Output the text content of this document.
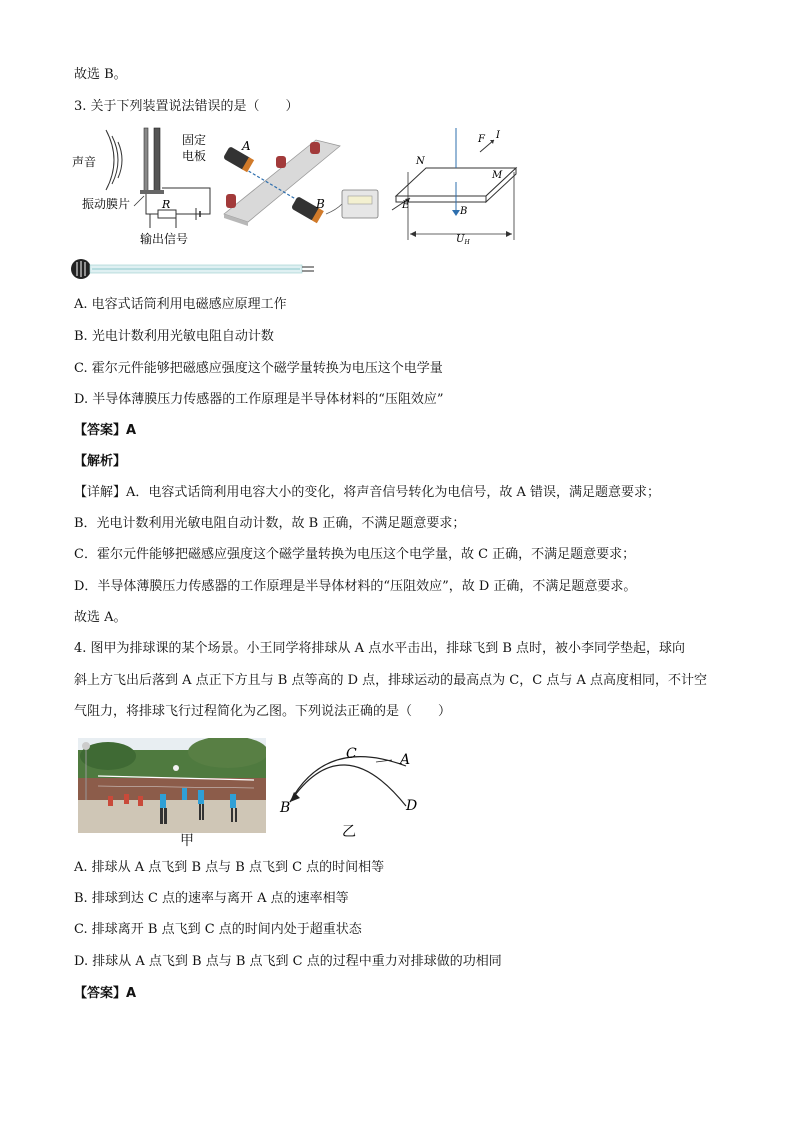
故选 B。
3. 关于下列装置说法错误的是（　　）
声音
固定
电板
振动膜片	R
输出信号
A
B
N
M
F I
E
B
$U_H$
A. 电容式话筒利用电磁感应原理工作
B. 光电计数利用光敏电阻自动计数
C. 霍尔元件能够把磁感应强度这个磁学量转换为电压这个电学量
D. 半导体薄膜压力传感器的工作原理是半导体材料的“压阻效应”
【答案】A
【解析】
【详解】A．电容式话筒利用电容大小的变化，将声音信号转化为电信号，故 A 错误，满足题意要求；
B．光电计数利用光敏电阻自动计数，故 B 正确，不满足题意要求；
C．霍尔元件能够把磁感应强度这个磁学量转换为电压这个电学量，故 C 正确，不满足题意要求；
D．半导体薄膜压力传感器的工作原理是半导体材料的“压阻效应”，故 D 正确，不满足题意要求。
故选 A。
4. 图甲为排球课的某个场景。小王同学将排球从 A 点水平击出，排球飞到 B 点时，被小李同学垫起，球向
斜上方飞出后落到 A 点正下方且与 B 点等高的 D 点，排球运动的最高点为 C，C 点与 A 点高度相同，不计空
气阻力，将排球飞行过程简化为乙图。下列说法正确的是（　　）
甲
C	A
B	D
乙
A. 排球从 A 点飞到 B 点与 B 点飞到 C 点的时间相等
B. 排球到达 C 点的速率与离开 A 点的速率相等
C. 排球离开 B 点飞到 C 点的时间内处于超重状态
D. 排球从 A 点飞到 B 点与 B 点飞到 C 点的过程中重力对排球做的功相同
【答案】A
